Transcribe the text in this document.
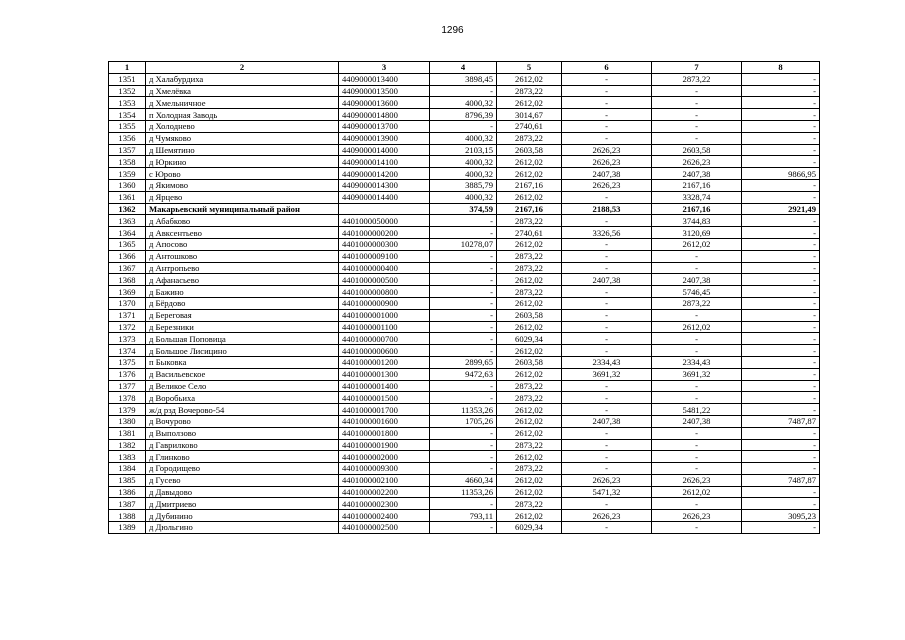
1296
1	2	3	4	5	6	7	8
1351	д Халабурдиха	4409000013400	3898,45	2612,02	-	2873,22	-
1352	д Хмелёвка	4409000013500	-	2873,22	-	-	-
1353	д Хмельничное	4409000013600	4000,32	2612,02	-	-	-
1354	п Холодная Заводь	4409000014800	8796,39	3014,67	-	-	-
1355	д Холоднево	4409000013700	-	2740,61	-	-	-
1356	д Чумяково	4409000013900	4000,32	2873,22	-	-	-
1357	д Шемятино	4409000014000	2103,15	2603,58	2626,23	2603,58	-
1358	д Юркино	4409000014100	4000,32	2612,02	2626,23	2626,23	-
1359	с Юрово	4409000014200	4000,32	2612,02	2407,38	2407,38	9866,95
1360	д Якимово	4409000014300	3885,79	2167,16	2626,23	2167,16	-
1361	д Ярцево	4409000014400	4000,32	2612,02	-	3328,74	-
1362	Макарьевский муниципальный район		374,59	2167,16	2188,53	2167,16	2921,49
1363	д Абабково	4401000050000	-	2873,22	-	3744,83	-
1364	д Авксентьево	4401000000200	-	2740,61	3326,56	3120,69	-
1365	д Апосово	4401000000300	10278,07	2612,02	-	2612,02	-
1366	д Антошково	4401000009100	-	2873,22	-	-	-
1367	д Антропьево	4401000000400	-	2873,22	-	-	-
1368	д Афанасьево	4401000000500	-	2612,02	2407,38	2407,38	-
1369	д Бажино	4401000000800	-	2873,22	-	5746,45	-
1370	д Бёрдово	4401000000900	-	2612,02	-	2873,22	-
1371	д Береговая	4401000001000	-	2603,58	-	-	-
1372	д Березники	4401000001100	-	2612,02	-	2612,02	-
1373	д Большая Поповица	4401000000700	-	6029,34	-	-	-
1374	д Большое Лисицино	4401000000600	-	2612,02	-	-	-
1375	п Быковка	4401000001200	2899,65	2603,58	2334,43	2334,43	-
1376	д Васильевское	4401000001300	9472,63	2612,02	3691,32	3691,32	-
1377	д Великое Село	4401000001400	-	2873,22	-	-	-
1378	д Воробьиха	4401000001500	-	2873,22	-	-	-
1379	ж/д рзд Вочерово-54	4401000001700	11353,26	2612,02	-	5481,22	-
1380	д Вочурово	4401000001600	1705,26	2612,02	2407,38	2407,38	7487,87
1381	д Выползово	4401000001800	-	2612,02	-	-	-
1382	д Гаврилково	4401000001900	-	2873,22	-	-	-
1383	д Глинково	4401000002000	-	2612,02	-	-	-
1384	д Городищево	4401000009300	-	2873,22	-	-	-
1385	д Гусево	4401000002100	4660,34	2612,02	2626,23	2626,23	7487,87
1386	д Давыдово	4401000002200	11353,26	2612,02	5471,32	2612,02	-
1387	д Дмитриево	4401000002300	-	2873,22	-	-	-
1388	д Дубинино	4401000002400	793,11	2612,02	2626,23	2626,23	3095,23
1389	д Дюльгино	4401000002500	-	6029,34	-	-	-
